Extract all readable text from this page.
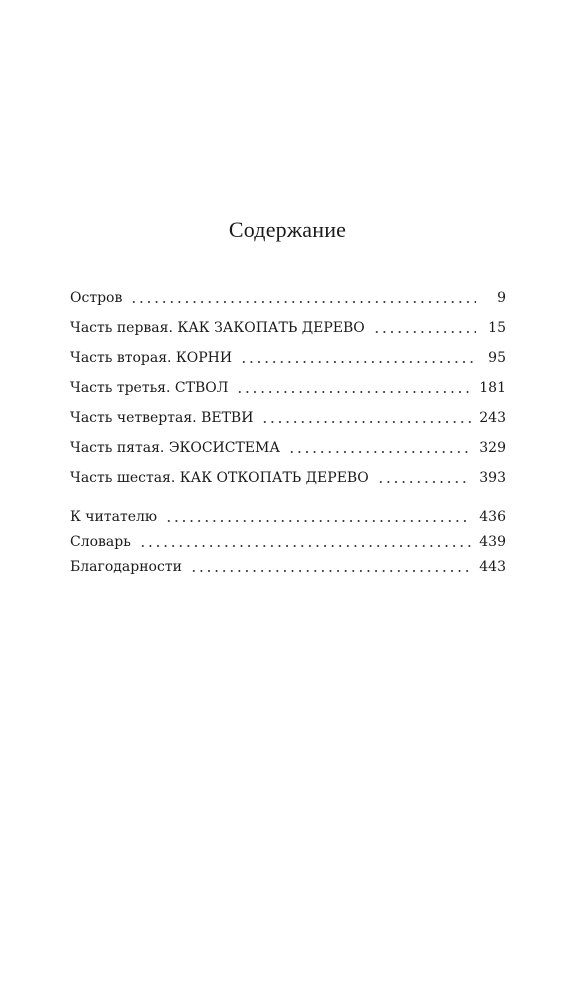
Содержание
Остров	9
Часть первая. КАК ЗАКОПАТЬ ДЕРЕВО	15
Часть вторая. КОРНИ	95
Часть третья. СТВОЛ	181
Часть четвертая. ВЕТВИ	243
Часть пятая. ЭКОСИСТЕМА	329
Часть шестая. КАК ОТКОПАТЬ ДЕРЕВО	393
К читателю	436
Словарь	439
Благодарности	443
